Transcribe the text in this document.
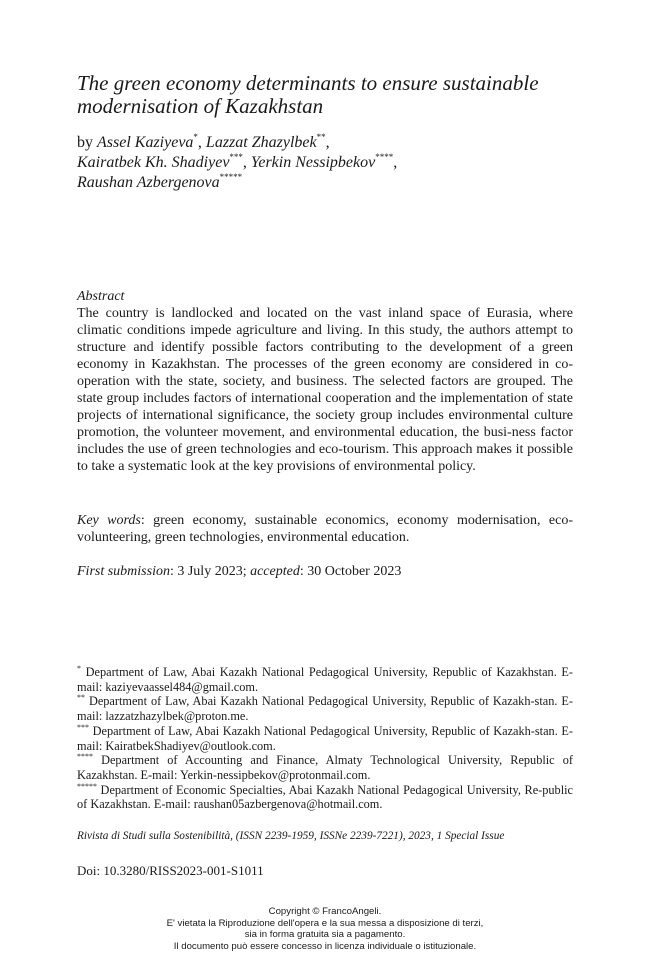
The green economy determinants to ensure sustainable modernisation of Kazakhstan
by Assel Kaziyeva*, Lazzat Zhazylbek**,
Kairatbek Kh. Shadiyev***, Yerkin Nessipbekov****,
Raushan Azbergenova*****
Abstract

The country is landlocked and located on the vast inland space of Eurasia, where climatic conditions impede agriculture and living. In this study, the authors attempt to structure and identify possible factors contributing to the development of a green economy in Kazakhstan. The processes of the green economy are considered in co-operation with the state, society, and business. The selected factors are grouped. The state group includes factors of international cooperation and the implementation of state projects of international significance, the society group includes environmental culture promotion, the volunteer movement, and environmental education, the busi-ness factor includes the use of green technologies and eco-tourism. This approach makes it possible to take a systematic look at the key provisions of environmental policy.

Key words: green economy, sustainable economics, economy modernisation, eco-volunteering, green technologies, environmental education.

First submission: 3 July 2023; accepted: 30 October 2023

* Department of Law, Abai Kazakh National Pedagogical University, Republic of Kazakhstan. E-mail: kaziyevaassel484@gmail.com.

** Department of Law, Abai Kazakh National Pedagogical University, Republic of Kazakh-stan. E-mail: lazzatzhazylbek@proton.me.

*** Department of Law, Abai Kazakh National Pedagogical University, Republic of Kazakh-stan. E-mail: KairatbekShadiyev@outlook.com.

**** Department of Accounting and Finance, Almaty Technological University, Republic of Kazakhstan. E-mail: Yerkin-nessipbekov@protonmail.com.

***** Department of Economic Specialties, Abai Kazakh National Pedagogical University, Re-public of Kazakhstan. E-mail: raushan05azbergenova@hotmail.com.

Rivista di Studi sulla Sostenibilità, (ISSN 2239-1959, ISSNe 2239-7221), 2023, 1 Special Issue
Doi: 10.3280/RISS2023-001-S1011
Copyright © FrancoAngeli.
E' vietata la Riproduzione dell'opera e la sua messa a disposizione di terzi,
sia in forma gratuita sia a pagamento.
Il documento può essere concesso in licenza individuale o istituzionale.
